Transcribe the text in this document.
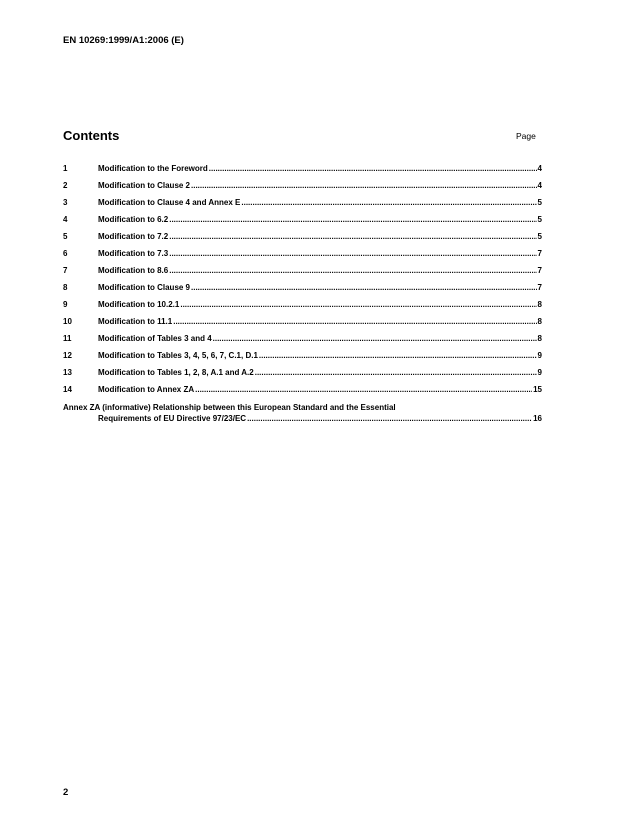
EN 10269:1999/A1:2006 (E)
Contents	Page
1	Modification to the Foreword .....	4
2	Modification to Clause 2 .....	4
3	Modification to Clause 4 and Annex E .....	5
4	Modification to 6.2 .....	5
5	Modification to 7.2 .....	5
6	Modification to 7.3 .....	7
7	Modification to 8.6 .....	7
8	Modification to Clause 9 .....	7
9	Modification to 10.2.1 .....	8
10	Modification to 11.1 .....	8
11	Modification of Tables 3 and 4 .....	8
12	Modification to Tables 3, 4, 5, 6, 7, C.1, D.1 .....	9
13	Modification to Tables 1, 2, 8, A.1 and A.2 .....	9
14	Modification to Annex ZA .....	15
Annex ZA (informative) Relationship between this European Standard and the Essential
Requirements of EU Directive 97/23/EC .....	16
2
